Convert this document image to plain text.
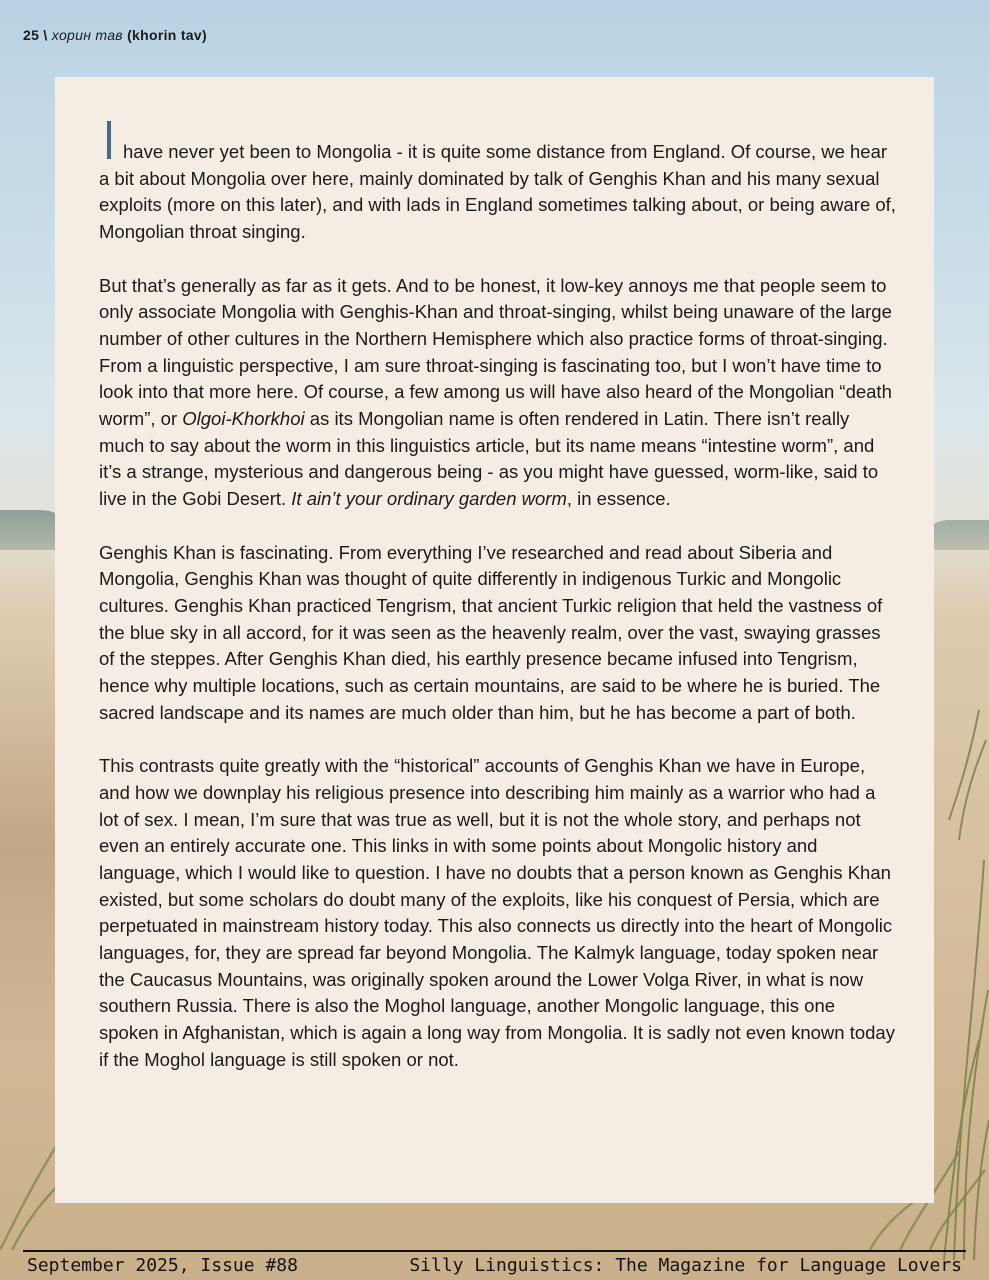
25 \ хорин тав (khorin tav)

have never yet been to Mongolia - it is quite some distance from England. Of course, we hear a bit about Mongolia over here, mainly dominated by talk of Genghis Khan and his many sexual exploits (more on this later), and with lads in England sometimes talking about, or being aware of, Mongolian throat singing.

But that’s generally as far as it gets. And to be honest, it low-key annoys me that people seem to only associate Mongolia with Genghis-Khan and throat-singing, whilst being unaware of the large number of other cultures in the Northern Hemisphere which also practice forms of throat-singing. From a linguistic perspective, I am sure throat-singing is fascinating too, but I won’t have time to look into that more here. Of course, a few among us will have also heard of the Mongolian “death worm”, or Olgoi-Khorkhoi as its Mongolian name is often rendered in Latin. There isn’t really much to say about the worm in this linguistics article, but its name means “intestine worm”, and it’s a strange, mysterious and dangerous being - as you might have guessed, worm-like, said to live in the Gobi Desert. It ain’t your ordinary garden worm, in essence.

Genghis Khan is fascinating. From everything I’ve researched and read about Siberia and Mongolia, Genghis Khan was thought of quite differently in indigenous Turkic and Mongolic cultures. Genghis Khan practiced Tengrism, that ancient Turkic religion that held the vastness of the blue sky in all accord, for it was seen as the heavenly realm, over the vast, swaying grasses of the steppes. After Genghis Khan died, his earthly presence became infused into Tengrism, hence why multiple locations, such as certain mountains, are said to be where he is buried. The sacred landscape and its names are much older than him, but he has become a part of both.

This contrasts quite greatly with the “historical” accounts of Genghis Khan we have in Europe, and how we downplay his religious presence into describing him mainly as a warrior who had a lot of sex. I mean, I’m sure that was true as well, but it is not the whole story, and perhaps not even an entirely accurate one. This links in with some points about Mongolic history and language, which I would like to question. I have no doubts that a person known as Genghis Khan existed, but some scholars do doubt many of the exploits, like his conquest of Persia, which are perpetuated in mainstream history today. This also connects us directly into the heart of Mongolic languages, for, they are spread far beyond Mongolia. The Kalmyk language, today spoken near the Caucasus Mountains, was originally spoken around the Lower Volga River, in what is now southern Russia. There is also the Moghol language, another Mongolic language, this one spoken in Afghanistan, which is again a long way from Mongolia. It is sadly not even known today if the Moghol language is still spoken or not.

September 2025, Issue #88	Silly Linguistics: The Magazine for Language Lovers
